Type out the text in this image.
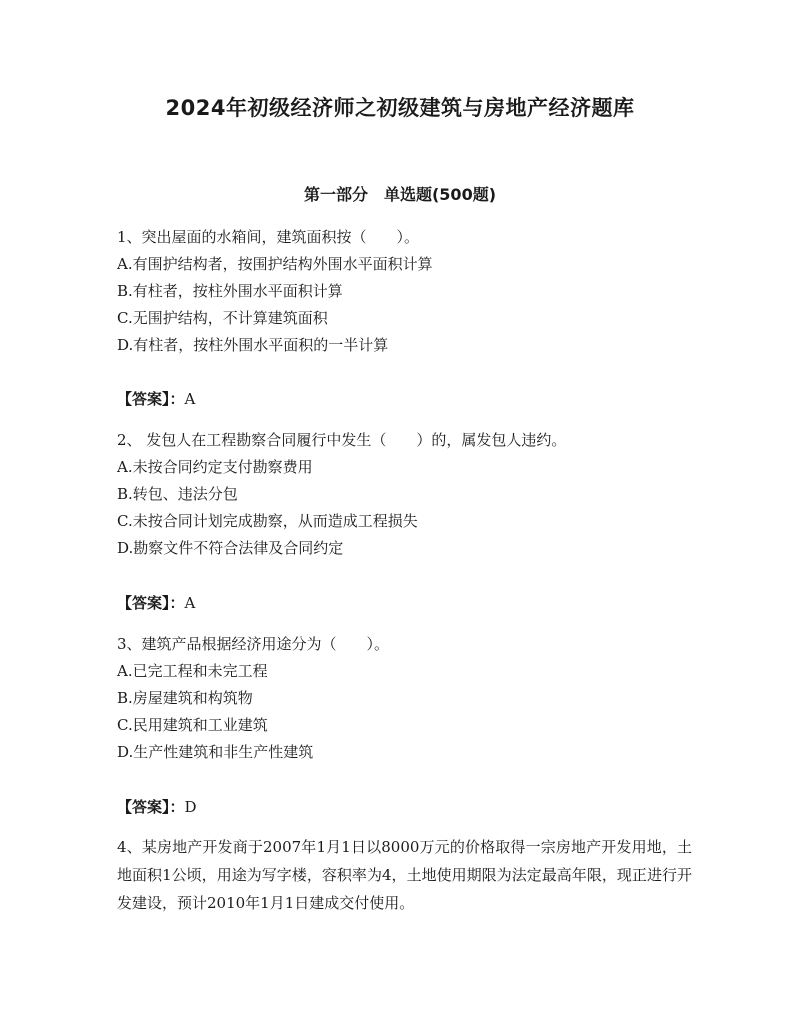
2024年初级经济师之初级建筑与房地产经济题库
第一部分　单选题(500题)
1、突出屋面的水箱间，建筑面积按（　　）。
A.有围护结构者，按围护结构外围水平面积计算
B.有柱者，按柱外围水平面积计算
C.无围护结构，不计算建筑面积
D.有柱者，按柱外围水平面积的一半计算
【答案】：A
2、 发包人在工程勘察合同履行中发生（　　）的，属发包人违约。
A.未按合同约定支付勘察费用
B.转包、违法分包
C.未按合同计划完成勘察，从而造成工程损失
D.勘察文件不符合法律及合同约定
【答案】：A
3、建筑产品根据经济用途分为（　　）。
A.已完工程和未完工程
B.房屋建筑和构筑物
C.民用建筑和工业建筑
D.生产性建筑和非生产性建筑
【答案】：D
4、某房地产开发商于2007年1月1日以8000万元的价格取得一宗房地产开发用地，土地面积1公顷，用途为写字楼，容积率为4，土地使用期限为法定最高年限，现正进行开发建设，预计2010年1月1日建成交付使用。
